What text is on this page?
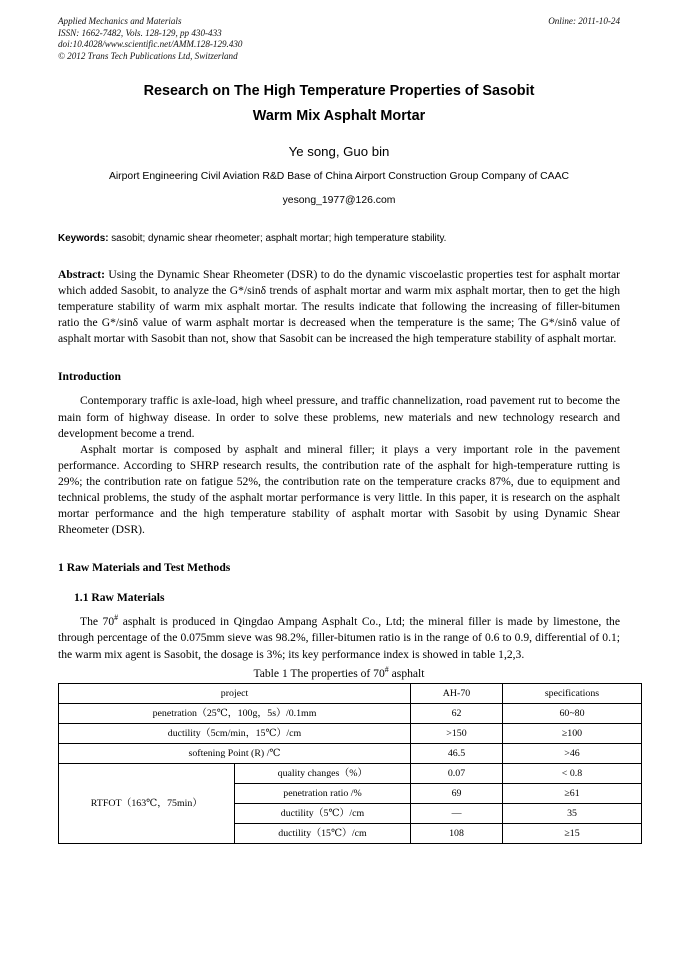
Applied Mechanics and Materials
ISSN: 1662-7482, Vols. 128-129, pp 430-433
doi:10.4028/www.scientific.net/AMM.128-129.430
© 2012 Trans Tech Publications Ltd, Switzerland
Online: 2011-10-24
Research on The High Temperature Properties of Sasobit
Warm Mix Asphalt Mortar
Ye song, Guo bin
Airport Engineering Civil Aviation R&D Base of China Airport Construction Group Company of CAAC
yesong_1977@126.com
Keywords: sasobit; dynamic shear rheometer; asphalt mortar; high temperature stability.
Abstract: Using the Dynamic Shear Rheometer (DSR) to do the dynamic viscoelastic properties test for asphalt mortar which added Sasobit, to analyze the G*/sinδ trends of asphalt mortar and warm mix asphalt mortar, then to get the high temperature stability of warm mix asphalt mortar. The results indicate that following the increasing of filler-bitumen ratio the G*/sinδ value of warm asphalt mortar is decreased when the temperature is the same; The G*/sinδ value of asphalt mortar with Sasobit than not, show that Sasobit can be increased the high temperature stability of asphalt mortar.
Introduction

Contemporary traffic is axle-load, high wheel pressure, and traffic channelization, road pavement rut to become the main form of highway disease. In order to solve these problems, new materials and new technology research and development become a trend.

Asphalt mortar is composed by asphalt and mineral filler; it plays a very important role in the pavement performance. According to SHRP research results, the contribution rate of the asphalt for high-temperature rutting is 29%; the contribution rate on fatigue 52%, the contribution rate on the temperature cracks 87%, due to equipment and technical problems, the study of the asphalt mortar performance is very little. In this paper, it is research on the asphalt mortar performance and the high temperature stability of asphalt mortar with Sasobit by using Dynamic Shear Rheometer (DSR).

1 Raw Materials and Test Methods
1.1 Raw Materials

The 70# asphalt is produced in Qingdao Ampang Asphalt Co., Ltd; the mineral filler is made by limestone, the through percentage of the 0.075mm sieve was 98.2%, filler-bitumen ratio is in the range of 0.6 to 0.9, differential of 0.1; the warm mix agent is Sasobit, the dosage is 3%; its key performance index is showed in table 1,2,3.

Table 1 The properties of 70# asphalt
project		AH-70	specifications
penetration（25℃，100g，5s）/0.1mm		62	60~80
ductility（5cm/min，15℃）/cm		>150	≥100
softening Point (R) /℃		46.5	>46
RTFOT（163℃，75min）	quality changes（%）	0.07	< 0.8
	penetration ratio /%	69	≥61
	ductility（5℃）/cm	—	35
	ductility（15℃）/cm	108	≥15
